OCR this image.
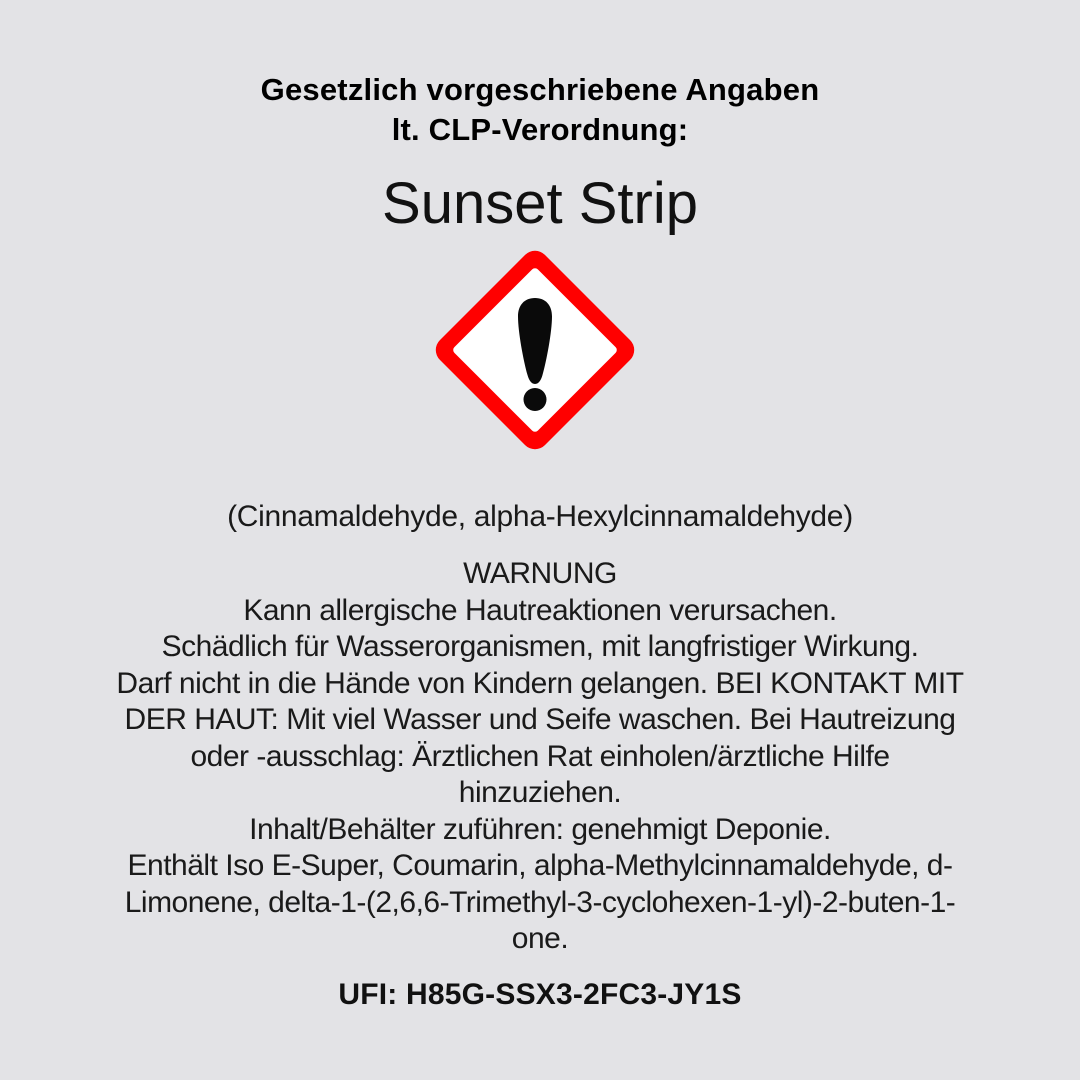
Gesetzlich vorgeschriebene Angaben
lt. CLP-Verordnung:
Sunset Strip
(Cinnamaldehyde, alpha-Hexylcinnamaldehyde)
WARNUNG
Kann allergische Hautreaktionen verursachen.
Schädlich für Wasserorganismen, mit langfristiger Wirkung.
Darf nicht in die Hände von Kindern gelangen. BEI KONTAKT MIT
DER HAUT: Mit viel Wasser und Seife waschen. Bei Hautreizung
oder -ausschlag: Ärztlichen Rat einholen/ärztliche Hilfe
hinzuziehen.
Inhalt/Behälter zuführen: genehmigt Deponie.
Enthält Iso E-Super, Coumarin, alpha-Methylcinnamaldehyde, d-
Limonene, delta-1-(2,6,6-Trimethyl-3-cyclohexen-1-yl)-2-buten-1-
one.
UFI: H85G-SSX3-2FC3-JY1S
